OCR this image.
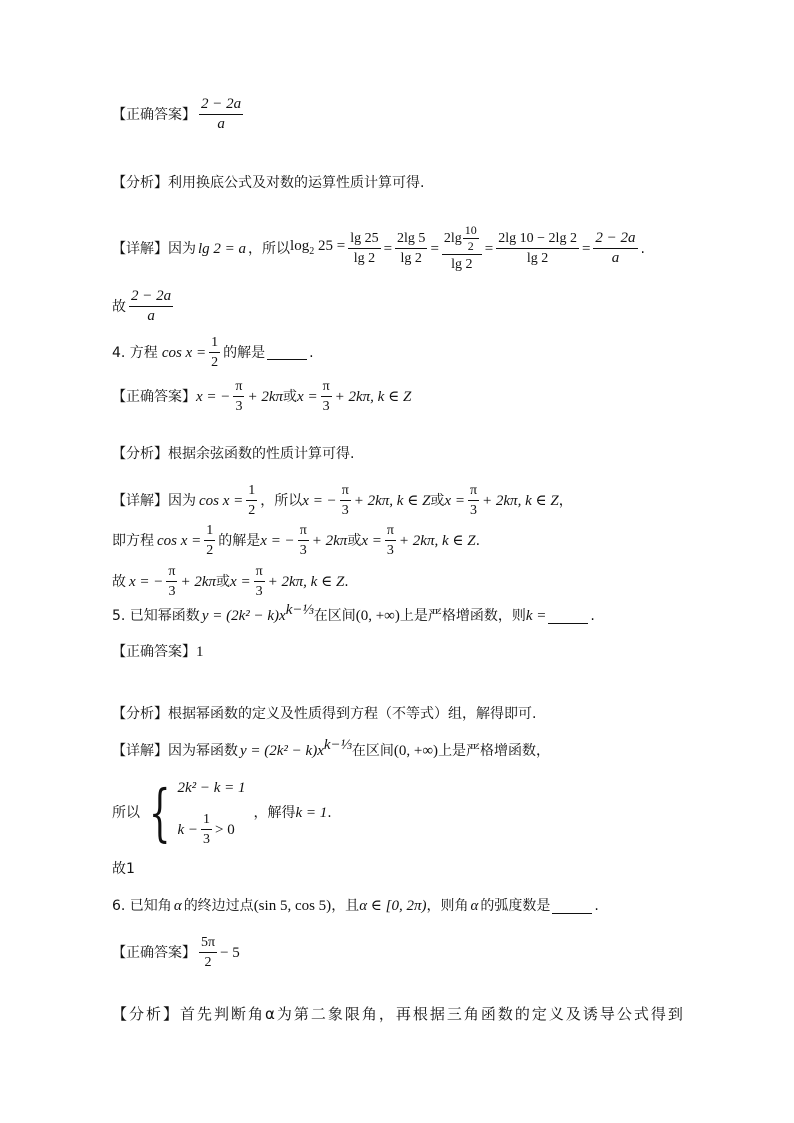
【正确答案】 $\frac{2 - 2a}{a}$
【分析】 利用换底公式及对数的运算性质计算可得.
【详解】 因为 lg 2 = a ，所以 $\log_2 25 = \frac{\lg 25}{\lg 2} = \frac{2\lg 5}{\lg 2} = \frac{2\lg \frac{10}{2}}{\lg 2} = \frac{2\lg 10 - 2\lg 2}{\lg 2} = \frac{2 - 2a}{a}$ .
故 $\frac{2 - 2a}{a}$
4. 方程 $\cos x = \frac{1}{2}$ 的解是	.
【正确答案】 x = − $\frac{\pi}{3} + 2k\pi$ 或 $x = \frac{\pi}{3} + 2k\pi$, k ∈ Z
【分析】 根据余弦函数的性质计算可得.
【详解】 因为 $\cos x = \frac{1}{2}$ ，所以 x = − $\frac{\pi}{3} + 2k\pi$, k ∈ Z 或 $x = \frac{\pi}{3} + 2k\pi$, k ∈ Z ，
即方程 $\cos x = \frac{1}{2}$ 的解是 x = − $\frac{\pi}{3} + 2k\pi$ 或 $x = \frac{\pi}{3} + 2k\pi$, k ∈ Z .
故 x = − $\frac{\pi}{3} + 2k\pi$ 或 $x = \frac{\pi}{3} + 2k\pi$, k ∈ Z .
5. 已知幂函数 $y = (2k^2 - k)x^{k-\frac{1}{3}}$ 在区间 (0, +∞) 上是严格增函数，则 k =	.
【正确答案】 1
【分析】 根据幂函数的定义及性质得到方程（不等式）组，解得即可.
【详解】 因为幂函数 $y = (2k^2 - k)x^{k-\frac{1}{3}}$ 在区间 (0, +∞) 上是严格增函数，
所以 { 2k² − k = 1
$k - \frac{1}{3} > 0$
，解得 k = 1 .
故1
6. 已知角 α 的终边过点 (sin 5, cos 5) ，且 α ∈ [0, 2π) ，则角 α 的弧度数是	.
【正确答案】 $\frac{5\pi}{2} - 5$
【分析】 首先判断角α为第二象限角，再根据三角函数的定义及诱导公式得到
